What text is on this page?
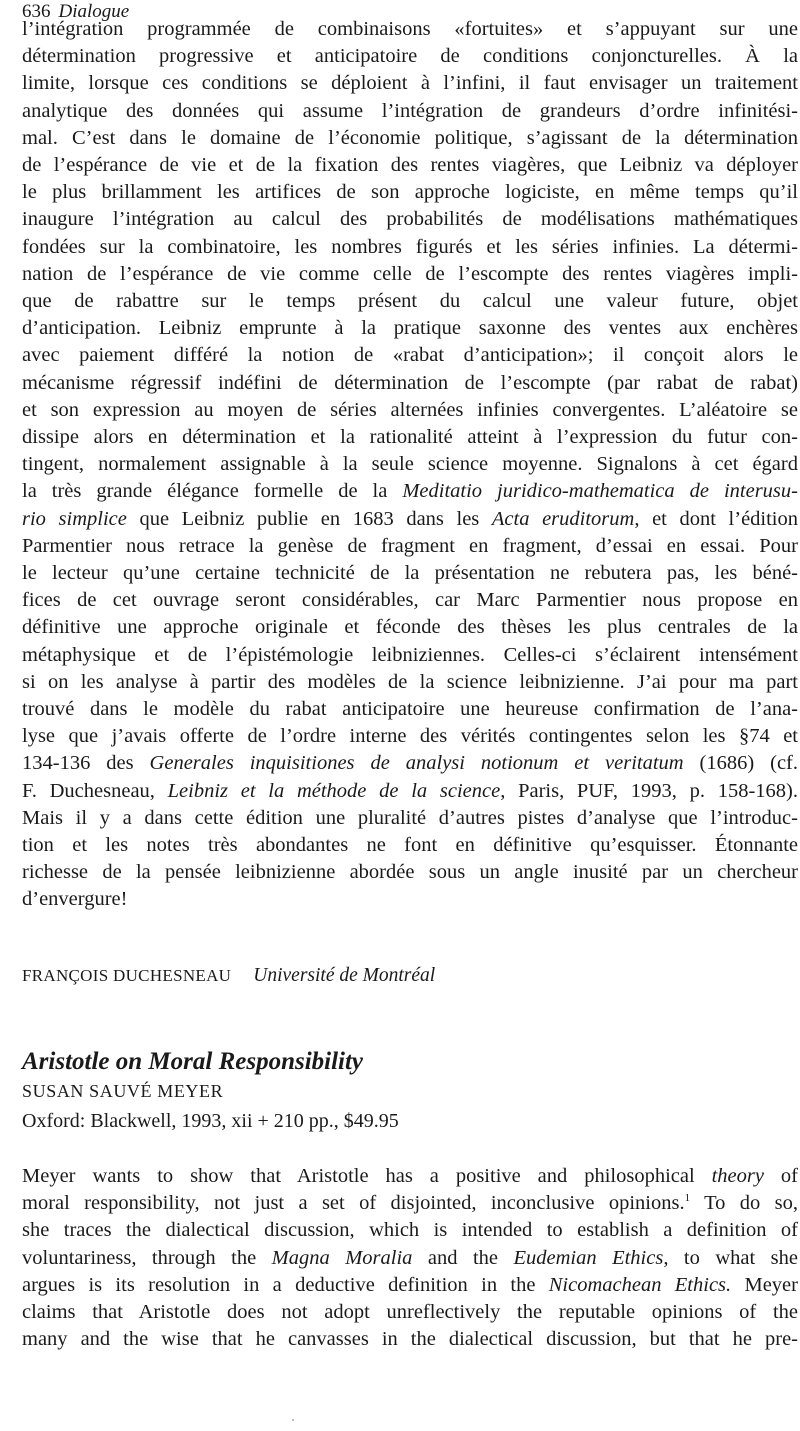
636 Dialogue
l’intégration programmée de combinaisons «fortuites» et s’appuyant sur une
détermination progressive et anticipatoire de conditions conjoncturelles. À la
limite, lorsque ces conditions se déploient à l’infini, il faut envisager un traitement
analytique des données qui assume l’intégration de grandeurs d’ordre infinitési-
mal. C’est dans le domaine de l’économie politique, s’agissant de la détermination
de l’espérance de vie et de la fixation des rentes viagères, que Leibniz va déployer
le plus brillamment les artifices de son approche logiciste, en même temps qu’il
inaugure l’intégration au calcul des probabilités de modélisations mathématiques
fondées sur la combinatoire, les nombres figurés et les séries infinies. La détermi-
nation de l’espérance de vie comme celle de l’escompte des rentes viagères impli-
que de rabattre sur le temps présent du calcul une valeur future, objet
d’anticipation. Leibniz emprunte à la pratique saxonne des ventes aux enchères
avec paiement différé la notion de «rabat d’anticipation»; il conçoit alors le
mécanisme régressif indéfini de détermination de l’escompte (par rabat de rabat)
et son expression au moyen de séries alternées infinies convergentes. L’aléatoire se
dissipe alors en détermination et la rationalité atteint à l’expression du futur con-
tingent, normalement assignable à la seule science moyenne. Signalons à cet égard
la très grande élégance formelle de la Meditatio juridico-mathematica de interusu-
rio simplice que Leibniz publie en 1683 dans les Acta eruditorum, et dont l’édition
Parmentier nous retrace la genèse de fragment en fragment, d’essai en essai. Pour
le lecteur qu’une certaine technicité de la présentation ne rebutera pas, les béné-
fices de cet ouvrage seront considérables, car Marc Parmentier nous propose en
définitive une approche originale et féconde des thèses les plus centrales de la
métaphysique et de l’épistémologie leibniziennes. Celles-ci s’éclairent intensément
si on les analyse à partir des modèles de la science leibnizienne. J’ai pour ma part
trouvé dans le modèle du rabat anticipatoire une heureuse confirmation de l’ana-
lyse que j’avais offerte de l’ordre interne des vérités contingentes selon les §74 et
134-136 des Generales inquisitiones de analysi notionum et veritatum (1686) (cf.
F. Duchesneau, Leibniz et la méthode de la science, Paris, PUF, 1993, p. 158-168).
Mais il y a dans cette édition une pluralité d’autres pistes d’analyse que l’introduc-
tion et les notes très abondantes ne font en définitive qu’esquisser. Étonnante
richesse de la pensée leibnizienne abordée sous un angle inusité par un chercheur
d’envergure!
FRANÇOIS DUCHESNEAU Université de Montréal
Aristotle on Moral Responsibility
SUSAN SAUVÉ MEYER
Oxford: Blackwell, 1993, xii + 210 pp., $49.95
Meyer wants to show that Aristotle has a positive and philosophical theory of
moral responsibility, not just a set of disjointed, inconclusive opinions.$^1$ To do so,
she traces the dialectical discussion, which is intended to establish a definition of
voluntariness, through the Magna Moralia and the Eudemian Ethics, to what she
argues is its resolution in a deductive definition in the Nicomachean Ethics. Meyer
claims that Aristotle does not adopt unreflectively the reputable opinions of the
many and the wise that he canvasses in the dialectical discussion, but that he pre-
